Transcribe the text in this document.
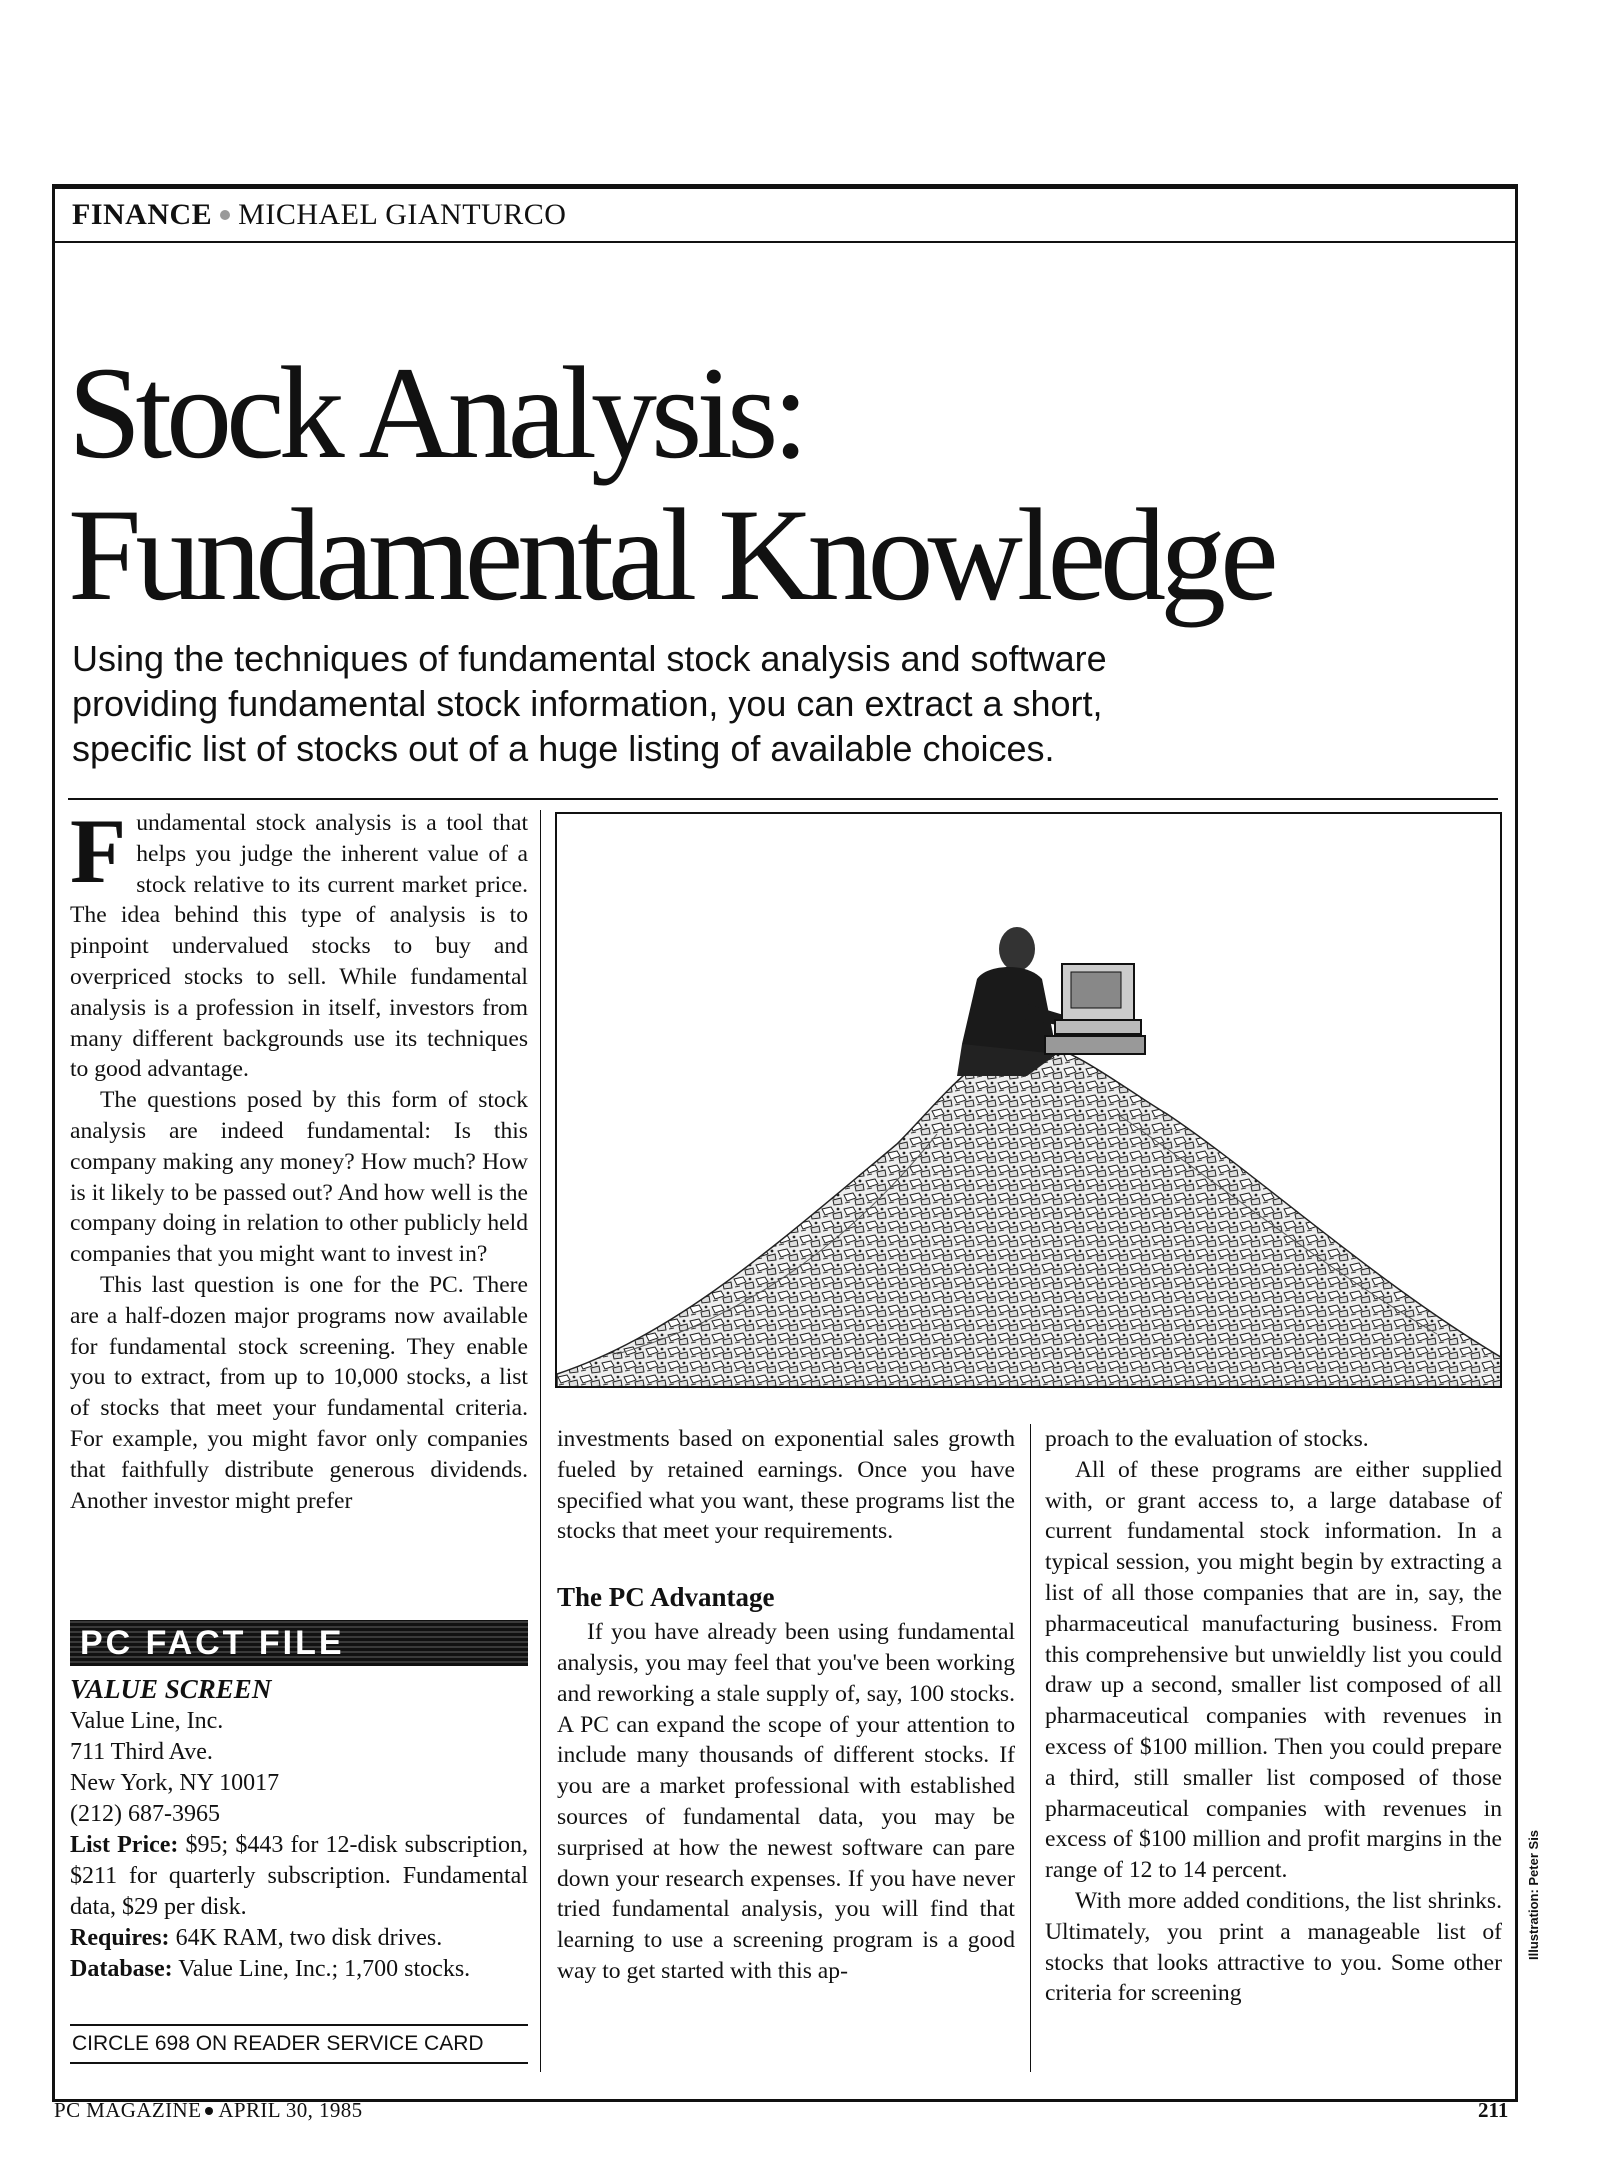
FINANCE MICHAEL GIANTURCO
Stock Analysis:
Fundamental Knowledge

Using the techniques of fundamental stock analysis and software providing fundamental stock information, you can extract a short, specific list of stocks out of a huge listing of available choices.

Fundamental stock analysis is a tool that helps you judge the inherent value of a stock relative to its current market price. The idea behind this type of analysis is to pinpoint undervalued stocks to buy and overpriced stocks to sell. While fundamental analysis is a profession in itself, investors from many different backgrounds use its techniques to good advantage.

The questions posed by this form of stock analysis are indeed fundamental: Is this company making any money? How much? How is it likely to be passed out? And how well is the company doing in relation to other publicly held companies that you might want to invest in?

This last question is one for the PC. There are a half-dozen major programs now available for fundamental stock screening. They enable you to extract, from up to 10,000 stocks, a list of stocks that meet your fundamental criteria. For example, you might favor only companies that faithfully distribute generous dividends. Another investor might prefer

PC FACT FILE
VALUE SCREEN
Value Line, Inc.
711 Third Ave.
New York, NY 10017
(212) 687-3965
List Price: $95; $443 for 12-disk subscription, $211 for quarterly subscription. Fundamental data, $29 per disk.
Requires: 64K RAM, two disk drives.
Database: Value Line, Inc.; 1,700 stocks.
CIRCLE 698 ON READER SERVICE CARD

investments based on exponential sales growth fueled by retained earnings. Once you have specified what you want, these programs list the stocks that meet your requirements.

The PC Advantage

If you have already been using fundamental analysis, you may feel that you've been working and reworking a stale supply of, say, 100 stocks. A PC can expand the scope of your attention to include many thousands of different stocks. If you are a market professional with established sources of fundamental data, you may be surprised at how the newest software can pare down your research expenses. If you have never tried fundamental analysis, you will find that learning to use a screening program is a good way to get started with this ap-

proach to the evaluation of stocks.

All of these programs are either supplied with, or grant access to, a large database of current fundamental stock information. In a typical session, you might begin by extracting a list of all those companies that are in, say, the pharmaceutical manufacturing business. From this comprehensive but unwieldly list you could draw up a second, smaller list composed of all pharmaceutical companies with revenues in excess of $100 million. Then you could prepare a third, still smaller list composed of those pharmaceutical companies with revenues in excess of $100 million and profit margins in the range of 12 to 14 percent.

With more added conditions, the list shrinks. Ultimately, you print a manageable list of stocks that looks attractive to you. Some other criteria for screening

Illustration: Peter Sis
PC MAGAZINE APRIL 30, 1985	211
